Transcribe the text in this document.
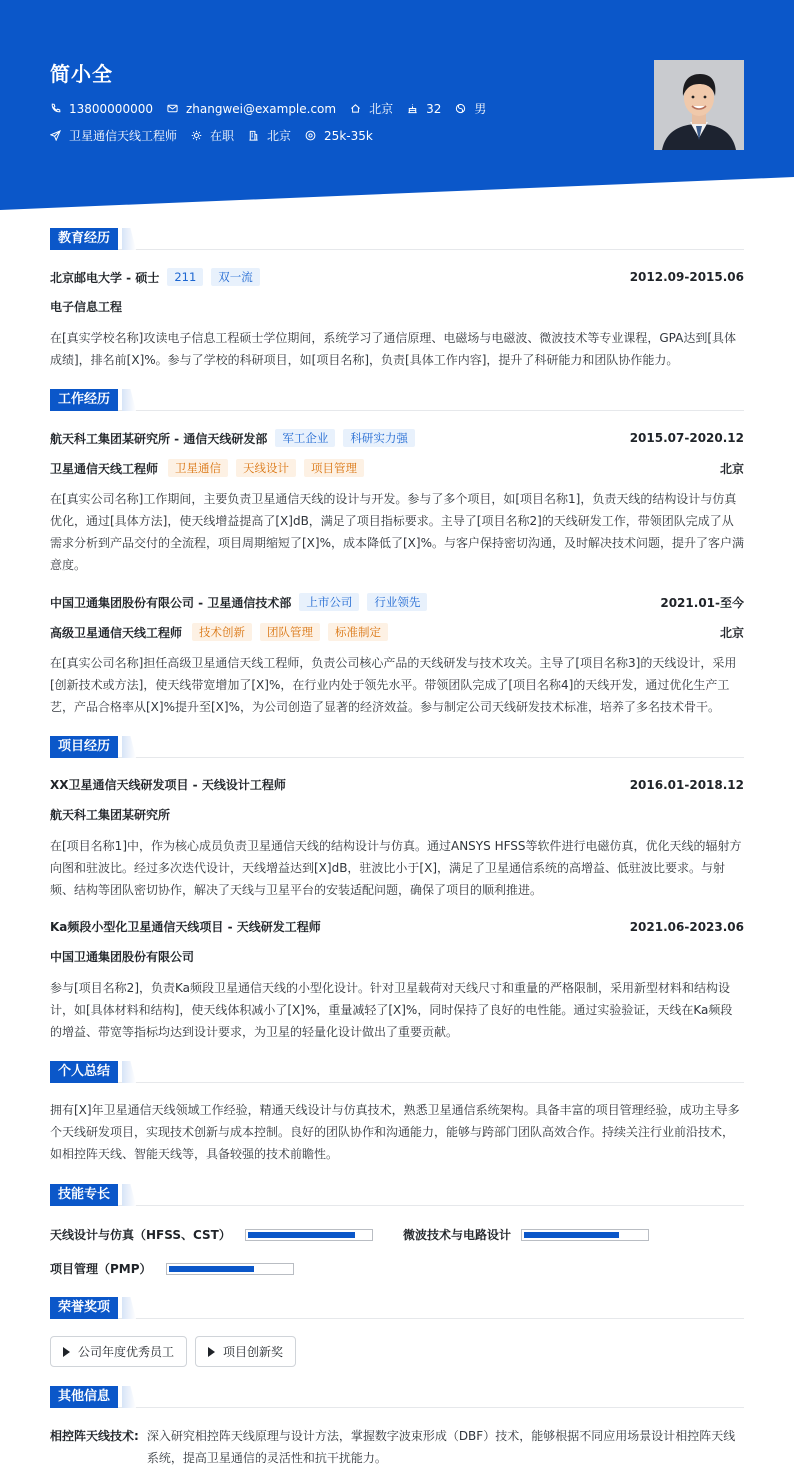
简小全
13800000000	zhangwei@example.com	北京	32	男
卫星通信天线工程师	在职	北京	25k-35k
教育经历
北京邮电大学 - 硕士	211	双一流	2012.09-2015.06
电子信息工程
在[真实学校名称]攻读电子信息工程硕士学位期间，系统学习了通信原理、电磁场与电磁波、微波技术等专业课程，GPA达到[具体成绩]，排名前[X]%。参与了学校的科研项目，如[项目名称]，负责[具体工作内容]，提升了科研能力和团队协作能力。
工作经历
航天科工集团某研究所 - 通信天线研发部	军工企业	科研实力强	2015.07-2020.12
卫星通信天线工程师	卫星通信	天线设计	项目管理	北京
在[真实公司名称]工作期间，主要负责卫星通信天线的设计与开发。参与了多个项目，如[项目名称1]，负责天线的结构设计与仿真优化，通过[具体方法]，使天线增益提高了[X]dB，满足了项目指标要求。主导了[项目名称2]的天线研发工作，带领团队完成了从需求分析到产品交付的全流程，项目周期缩短了[X]%，成本降低了[X]%。与客户保持密切沟通，及时解决技术问题，提升了客户满意度。
中国卫通集团股份有限公司 - 卫星通信技术部	上市公司	行业领先	2021.01-至今
高级卫星通信天线工程师	技术创新	团队管理	标准制定	北京
在[真实公司名称]担任高级卫星通信天线工程师，负责公司核心产品的天线研发与技术攻关。主导了[项目名称3]的天线设计，采用[创新技术或方法]，使天线带宽增加了[X]%，在行业内处于领先水平。带领团队完成了[项目名称4]的天线开发，通过优化生产工艺，产品合格率从[X]%提升至[X]%，为公司创造了显著的经济效益。参与制定公司天线研发技术标准，培养了多名技术骨干。
项目经历
XX卫星通信天线研发项目 - 天线设计工程师	2016.01-2018.12
航天科工集团某研究所
在[项目名称1]中，作为核心成员负责卫星通信天线的结构设计与仿真。通过ANSYS HFSS等软件进行电磁仿真，优化天线的辐射方向图和驻波比。经过多次迭代设计，天线增益达到[X]dB，驻波比小于[X]，满足了卫星通信系统的高增益、低驻波比要求。与射频、结构等团队密切协作，解决了天线与卫星平台的安装适配问题，确保了项目的顺利推进。
Ka频段小型化卫星通信天线项目 - 天线研发工程师	2021.06-2023.06
中国卫通集团股份有限公司
参与[项目名称2]，负责Ka频段卫星通信天线的小型化设计。针对卫星载荷对天线尺寸和重量的严格限制，采用新型材料和结构设计，如[具体材料和结构]，使天线体积减小了[X]%，重量减轻了[X]%，同时保持了良好的电性能。通过实验验证，天线在Ka频段的增益、带宽等指标均达到设计要求，为卫星的轻量化设计做出了重要贡献。
个人总结
拥有[X]年卫星通信天线领域工作经验，精通天线设计与仿真技术，熟悉卫星通信系统架构。具备丰富的项目管理经验，成功主导多个天线研发项目，实现技术创新与成本控制。良好的团队协作和沟通能力，能够与跨部门团队高效合作。持续关注行业前沿技术，如相控阵天线、智能天线等，具备较强的技术前瞻性。
技能专长
天线设计与仿真（HFSS、CST）	微波技术与电路设计
项目管理（PMP）
荣誉奖项
公司年度优秀员工	项目创新奖
其他信息
相控阵天线技术: 深入研究相控阵天线原理与设计方法，掌握数字波束形成（DBF）技术，能够根据不同应用场景设计相控阵天线系统，提高卫星通信的灵活性和抗干扰能力。
